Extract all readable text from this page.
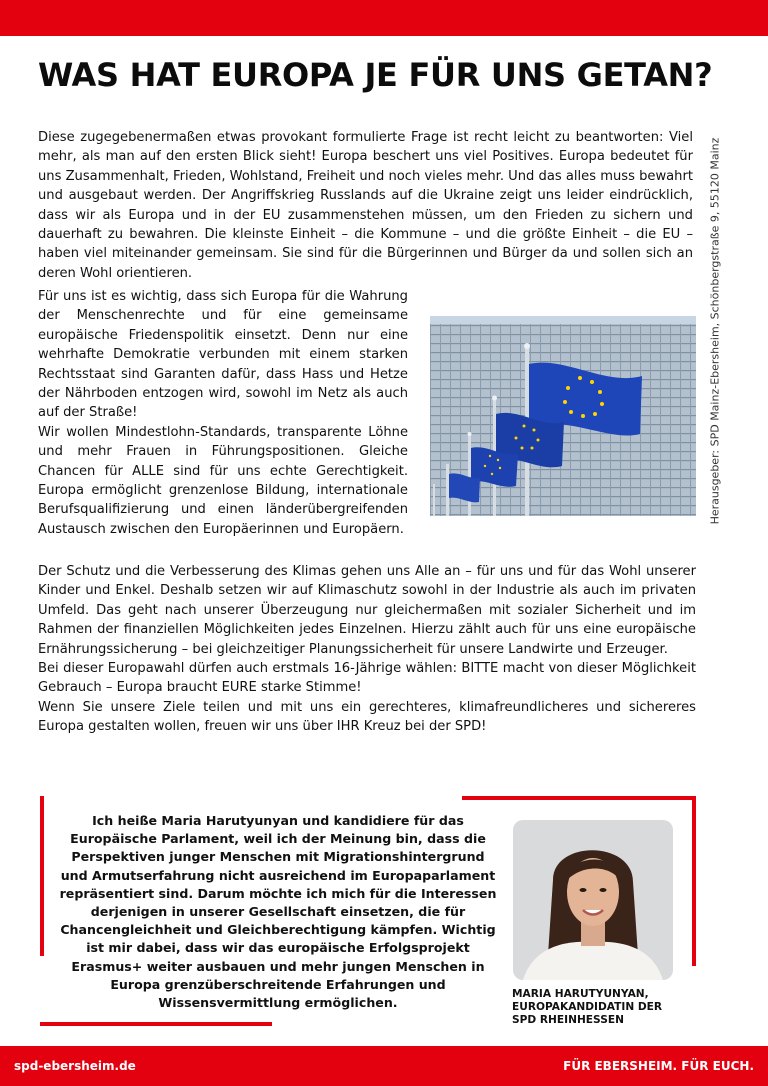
WAS HAT EUROPA JE FÜR UNS GETAN?
Herausgeber: SPD Mainz-Ebersheim, Schönbergstraße 9, 55120 Mainz

Diese zugegebenermaßen etwas provokant formulierte Frage ist recht leicht zu beantworten: Viel mehr, als man auf den ersten Blick sieht! Europa beschert uns viel Positives. Europa bedeutet für uns Zusammenhalt, Frieden, Wohlstand, Freiheit und noch vieles mehr. Und das alles muss bewahrt und ausgebaut werden. Der Angriffskrieg Russlands auf die Ukraine zeigt uns leider eindrücklich, dass wir als Europa und in der EU zusammenstehen müssen, um den Frieden zu sichern und dauerhaft zu bewahren. Die kleinste Einheit – die Kommune – und die größte Einheit – die EU – haben viel miteinander gemeinsam. Sie sind für die Bürgerinnen und Bürger da und sollen sich an deren Wohl orientieren.

Für uns ist es wichtig, dass sich Europa für die Wahrung der Menschenrechte und für eine gemeinsame europäische Friedenspolitik einsetzt. Denn nur eine wehrhafte Demokratie verbunden mit einem starken Rechtsstaat sind Garanten dafür, dass Hass und Hetze der Nährboden entzogen wird, sowohl im Netz als auch auf der Straße!
Wir wollen Mindestlohn-Standards, transparente Löhne und mehr Frauen in Führungspositionen. Gleiche Chancen für ALLE sind für uns echte Gerechtigkeit. Europa ermöglicht grenzenlose Bildung, internationale Berufsqualifizierung und einen länderübergreifenden Austausch zwischen den Europäerinnen und Europäern.
Der Schutz und die Verbesserung des Klimas gehen uns Alle an – für uns und für das Wohl unserer Kinder und Enkel. Deshalb setzen wir auf Klimaschutz sowohl in der Industrie als auch im privaten Umfeld. Das geht nach unserer Überzeugung nur gleichermaßen mit sozialer Sicherheit und im Rahmen der finanziellen Möglichkeiten jedes Einzelnen. Hierzu zählt auch für uns eine europäische Ernährungssicherung – bei gleichzeitiger Planungssicherheit für unsere Landwirte und Erzeuger.
Bei dieser Europawahl dürfen auch erstmals 16-Jährige wählen: BITTE macht von dieser Möglichkeit Gebrauch – Europa braucht EURE starke Stimme!
Wenn Sie unsere Ziele teilen und mit uns ein gerechteres, klimafreundlicheres und sichereres Europa gestalten wollen, freuen wir uns über IHR Kreuz bei der SPD!

Ich heiße Maria Harutyunyan und kandidiere für das Europäische Parlament, weil ich der Meinung bin, dass die Perspektiven junger Menschen mit Migrationshintergrund und Armutserfahrung nicht ausreichend im Europaparlament repräsentiert sind. Darum möchte ich mich für die Interessen derjenigen in unserer Gesellschaft einsetzen, die für Chancengleichheit und Gleichberechtigung kämpfen. Wichtig ist mir dabei, dass wir das europäische Erfolgsprojekt Erasmus+ weiter ausbauen und mehr jungen Menschen in Europa grenzüberschreitende Erfahrungen und Wissensvermittlung ermöglichen.

MARIA HARUTYUNYAN,
EUROPAKANDIDATIN DER
SPD RHEINHESSEN
spd-ebersheim.de	FÜR EBERSHEIM. FÜR EUCH.
